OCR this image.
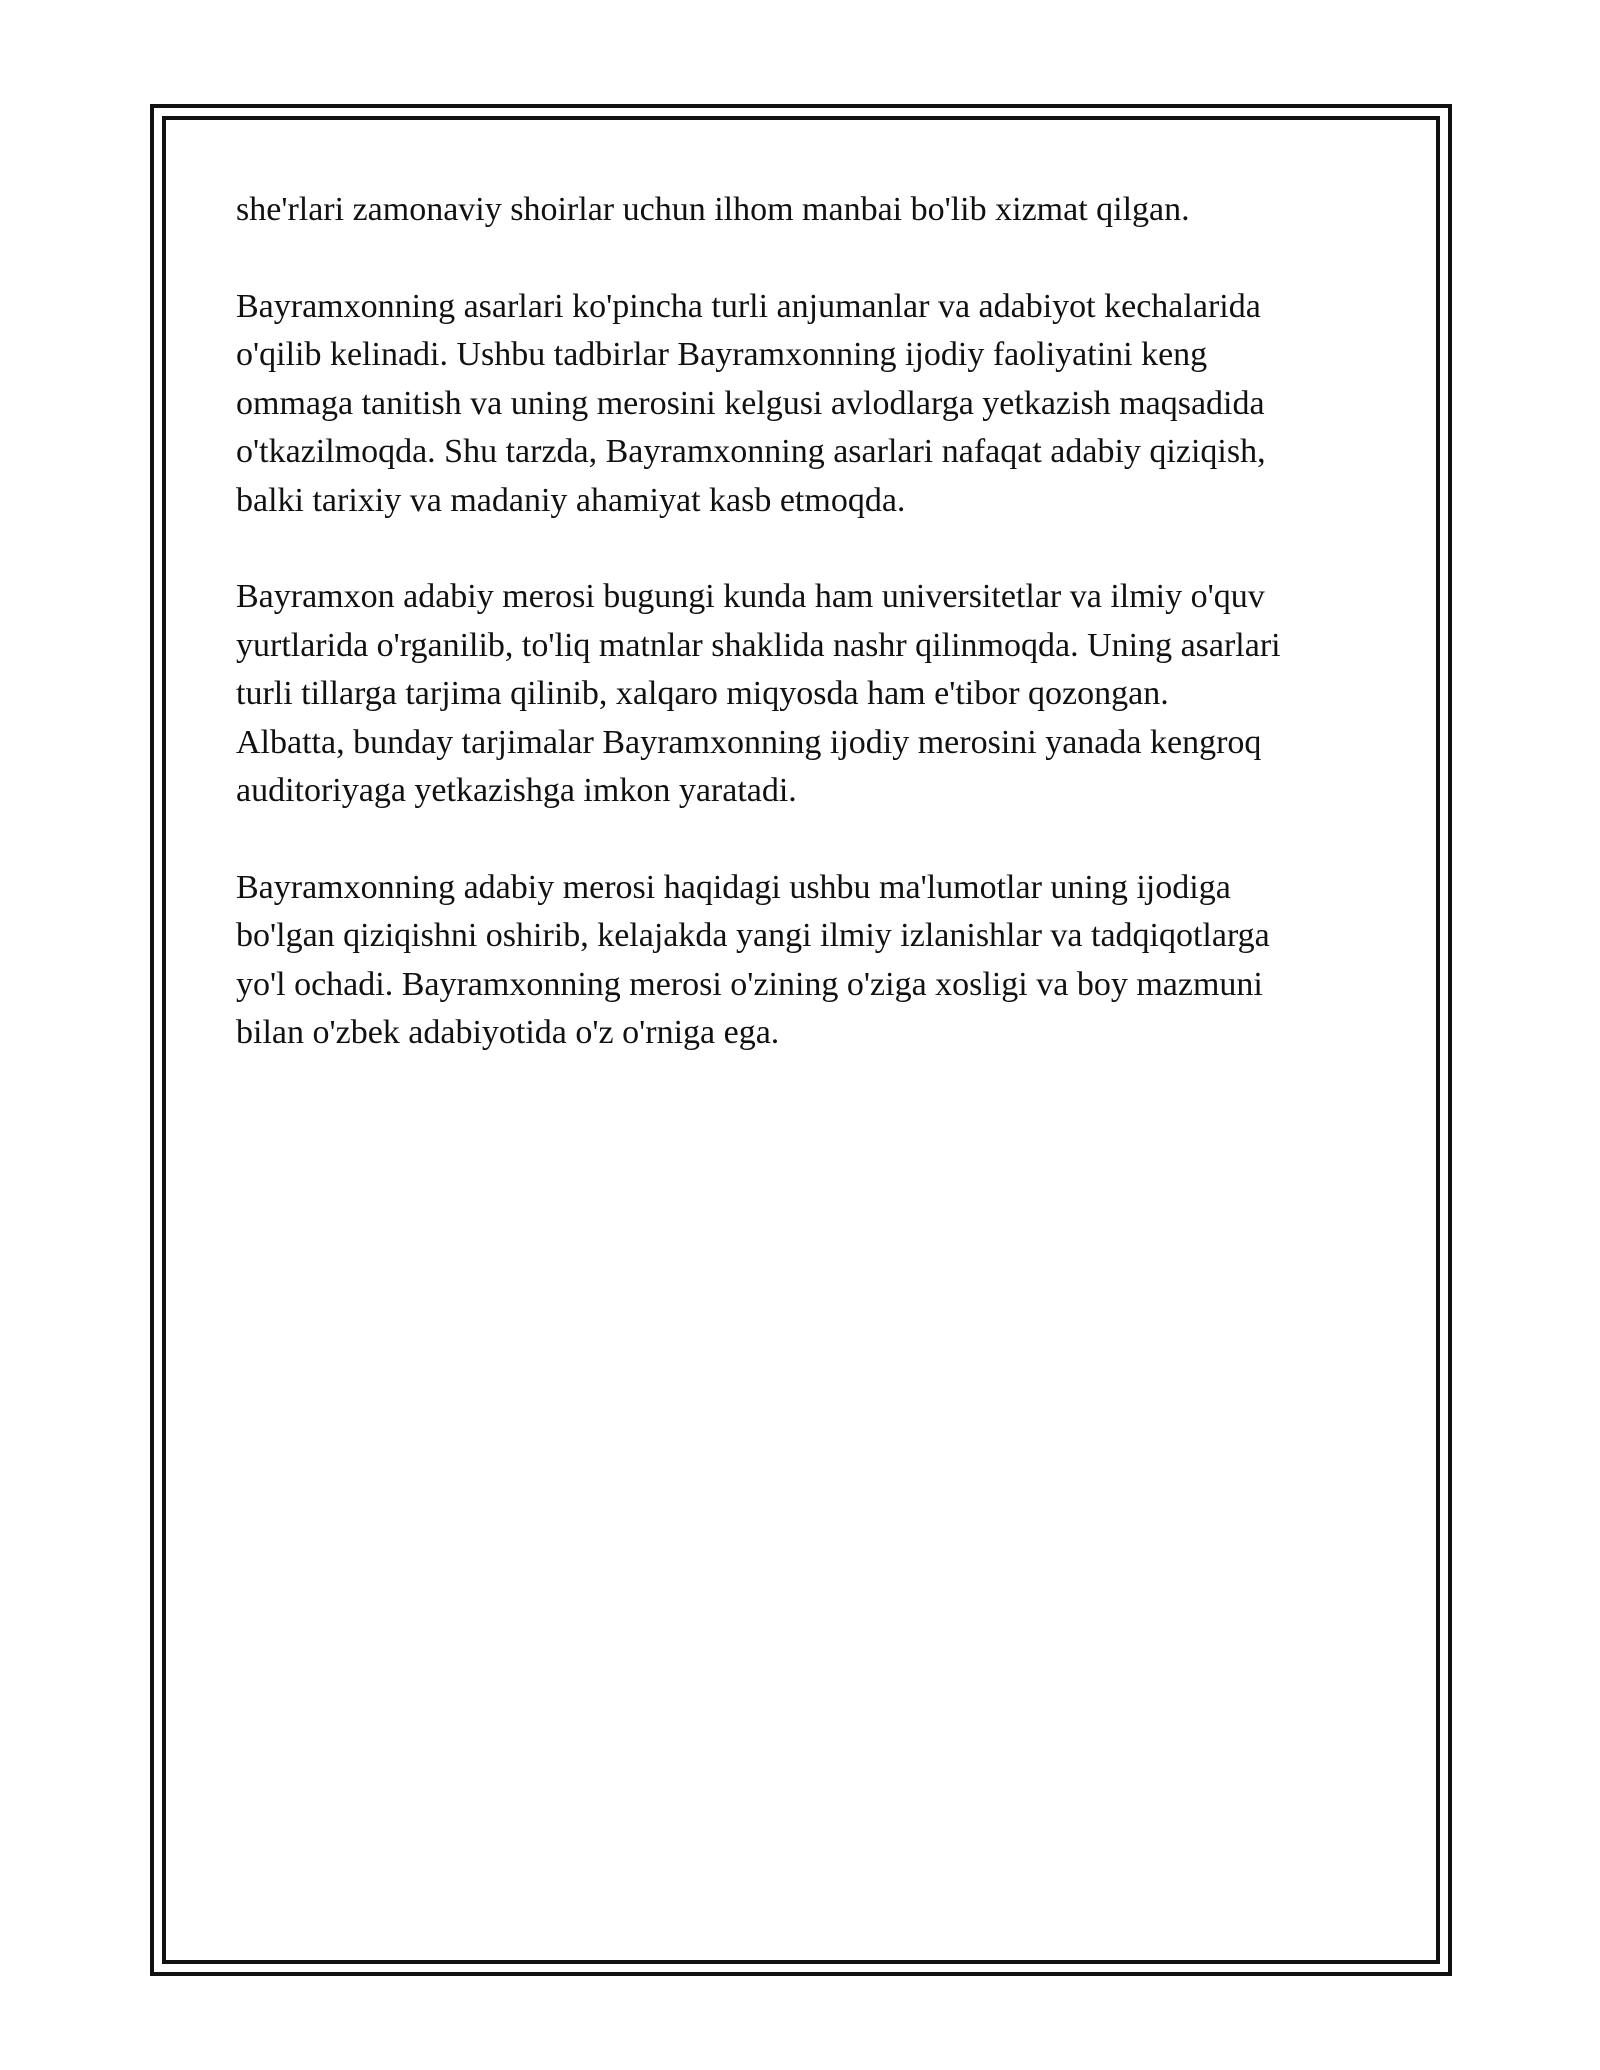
she'rlari zamonaviy shoirlar uchun ilhom manbai bo'lib xizmat qilgan.

Bayramxonning asarlari ko'pincha turli anjumanlar va adabiyot kechalarida
o'qilib kelinadi. Ushbu tadbirlar Bayramxonning ijodiy faoliyatini keng
ommaga tanitish va uning merosini kelgusi avlodlarga yetkazish maqsadida
o'tkazilmoqda. Shu tarzda, Bayramxonning asarlari nafaqat adabiy qiziqish,
balki tarixiy va madaniy ahamiyat kasb etmoqda.

Bayramxon adabiy merosi bugungi kunda ham universitetlar va ilmiy o'quv
yurtlarida o'rganilib, to'liq matnlar shaklida nashr qilinmoqda. Uning asarlari
turli tillarga tarjima qilinib, xalqaro miqyosda ham e'tibor qozongan.
Albatta, bunday tarjimalar Bayramxonning ijodiy merosini yanada kengroq
auditoriyaga yetkazishga imkon yaratadi.

Bayramxonning adabiy merosi haqidagi ushbu ma'lumotlar uning ijodiga
bo'lgan qiziqishni oshirib, kelajakda yangi ilmiy izlanishlar va tadqiqotlarga
yo'l ochadi. Bayramxonning merosi o'zining o'ziga xosligi va boy mazmuni
bilan o'zbek adabiyotida o'z o'rniga ega.
